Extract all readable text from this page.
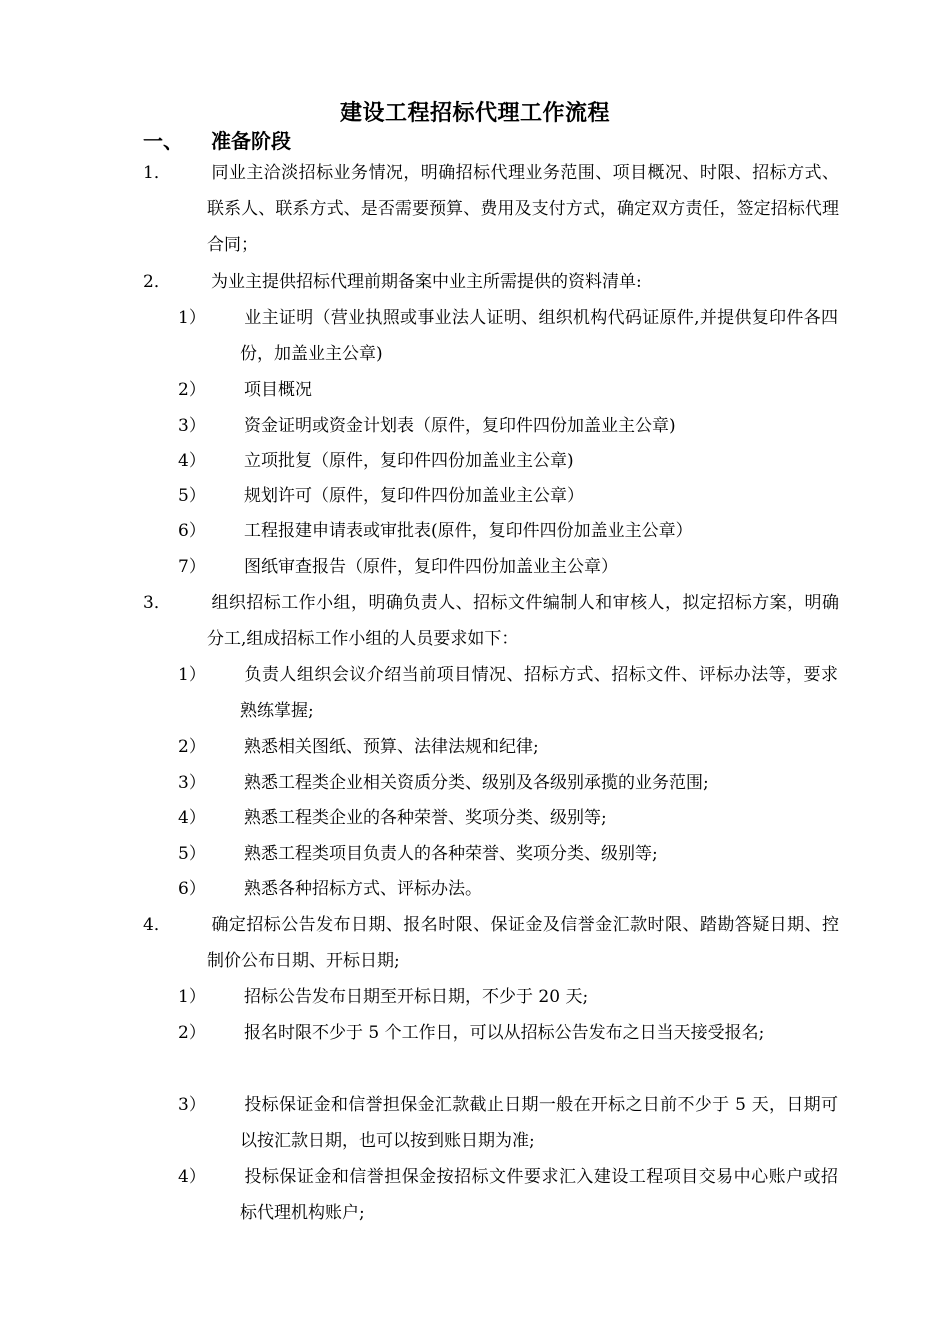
建设工程招标代理工作流程
一、 准备阶段
1． 同业主洽淡招标业务情况，明确招标代理业务范围、项目概况、时限、招标方式、联系人、联系方式、是否需要预算、费用及支付方式，确定双方责任，签定招标代理合同；
2． 为业主提供招标代理前期备案中业主所需提供的资料清单:
1） 业主证明（营业执照或事业法人证明、组织机构代码证原件,并提供复印件各四份，加盖业主公章)
2） 项目概况
3） 资金证明或资金计划表（原件，复印件四份加盖业主公章)
4） 立项批复（原件，复印件四份加盖业主公章)
5） 规划许可（原件，复印件四份加盖业主公章）
6） 工程报建申请表或审批表(原件，复印件四份加盖业主公章）
7） 图纸审查报告（原件，复印件四份加盖业主公章）
3． 组织招标工作小组，明确负责人、招标文件编制人和审核人，拟定招标方案，明确分工,组成招标工作小组的人员要求如下：
1） 负责人组织会议介绍当前项目情况、招标方式、招标文件、评标办法等，要求熟练掌握;
2） 熟悉相关图纸、预算、法律法规和纪律;
3） 熟悉工程类企业相关资质分类、级别及各级别承揽的业务范围;
4） 熟悉工程类企业的各种荣誉、奖项分类、级别等;
5） 熟悉工程类项目负责人的各种荣誉、奖项分类、级别等;
6） 熟悉各种招标方式、评标办法。
4． 确定招标公告发布日期、报名时限、保证金及信誉金汇款时限、踏勘答疑日期、控制价公布日期、开标日期;
1） 招标公告发布日期至开标日期，不少于 20 天;
2） 报名时限不少于 5 个工作日，可以从招标公告发布之日当天接受报名;
3） 投标保证金和信誉担保金汇款截止日期一般在开标之日前不少于 5 天，日期可以按汇款日期，也可以按到账日期为准;
4） 投标保证金和信誉担保金按招标文件要求汇入建设工程项目交易中心账户或招标代理机构账户;
